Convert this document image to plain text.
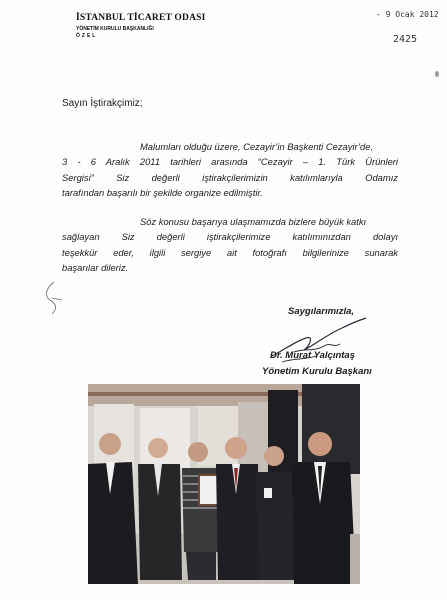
İSTANBUL TİCARET ODASI
YÖNETİM KURULU BAŞKANLIĞI
ÖZEL
- 9 Ocak 2012
2425
Sayın İştirakçimiz;

Malumları olduğu üzere, Cezayir’in Başkenti Cezayir’de,
3 - 6 Aralık 2011 tarihleri arasında “Cezayir – 1. Türk Ürünleri
Sergisi” Siz değerli iştirakçilerimizin katılımlarıyla Odamız
tarafından başarılı bir şekilde organize edilmiştir.

Söz konusu başarıya ulaşmamızda bizlere büyük katkı
sağlayan Siz değerli iştirakçilerimize katılımınızdan dolayı
teşekkür eder, ilgili sergiye ait fotoğrafı bilgilerinize sunarak
başarılar dileriz.

Saygılarımızla,
Dr. Murat Yalçıntaş
Yönetim Kurulu Başkanı
